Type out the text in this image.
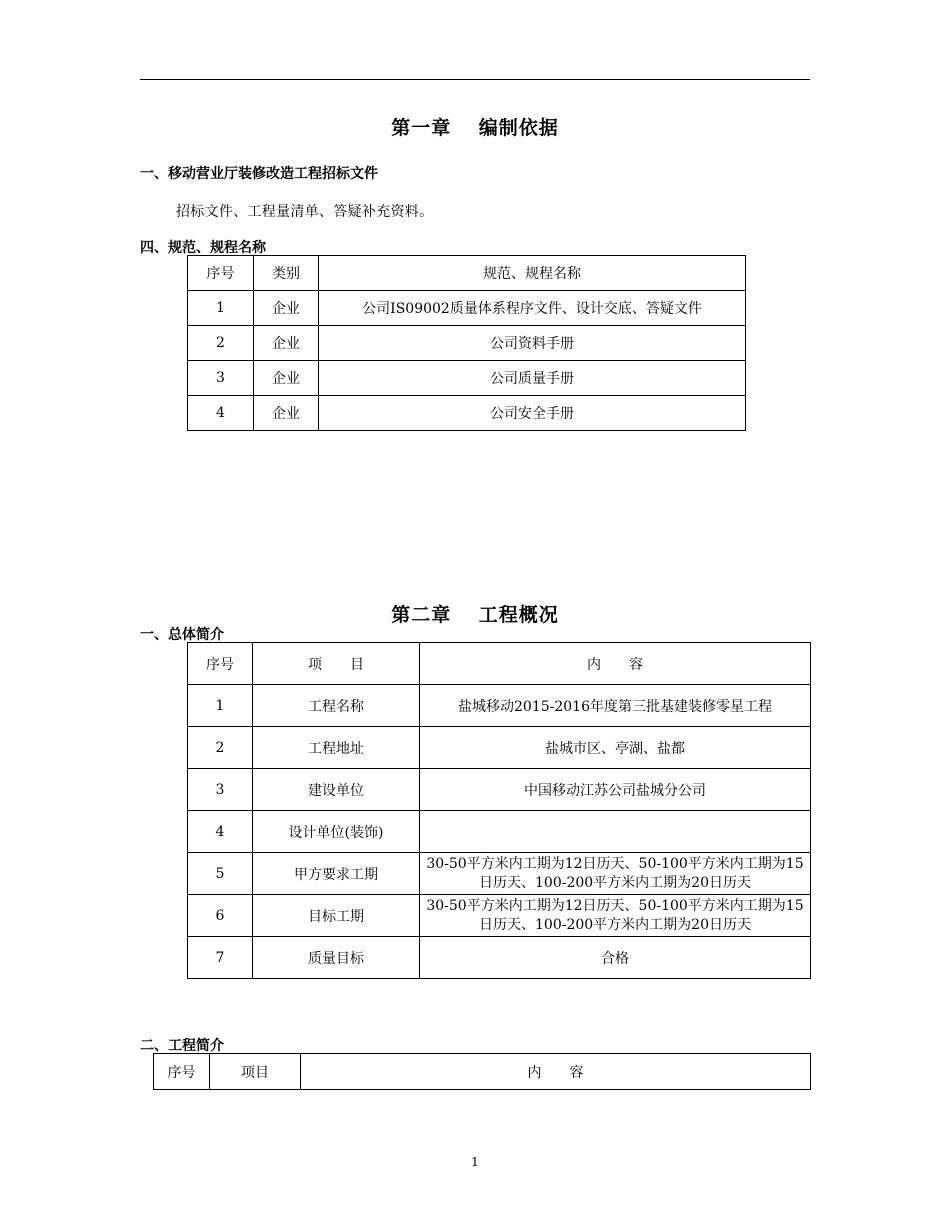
第一章　 编制依据
一、移动营业厅装修改造工程招标文件
招标文件、工程量清单、答疑补充资料。
四、规范、规程名称
序号	类别	规范、规程名称
1	企业	公司IS09002质量体系程序文件、设计交底、答疑文件
2	企业	公司资料手册
3	企业	公司质量手册
4	企业	公司安全手册
第二章　 工程概况
一、总体简介
序号	项　　目	内　　容
1	工程名称	盐城移动2015-2016年度第三批基建装修零星工程
2	工程地址	盐城市区、亭湖、盐都
3	建设单位	中国移动江苏公司盐城分公司
4	设计单位(装饰)	
5	甲方要求工期	30-50平方米内工期为12日历天、50-100平方米内工期为15日历天、100-200平方米内工期为20日历天
6	目标工期	30-50平方米内工期为12日历天、50-100平方米内工期为15日历天、100-200平方米内工期为20日历天
7	质量目标	合格
二、工程简介
序号	项目	内　　容
1
